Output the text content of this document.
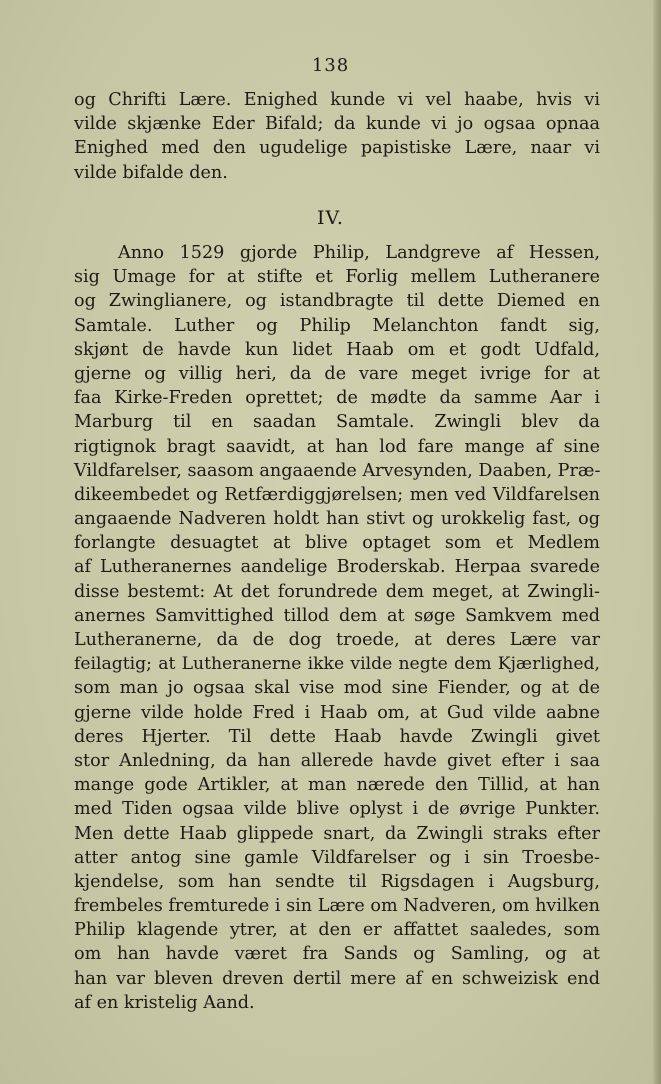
138
og Chrifti Lære. Enighed kunde vi vel haabe, hvis vi
vilde skjænke Eder Bifald; da kunde vi jo ogsaa opnaa
Enighed med den ugudelige papistiske Lære, naar vi
vilde bifalde den.
IV.
Anno 1529 gjorde Philip, Landgreve af Hessen,
sig Umage for at stifte et Forlig mellem Lutheranere
og Zwinglianere, og istandbragte til dette Diemed en
Samtale. Luther og Philip Melanchton fandt sig,
skjønt de havde kun lidet Haab om et godt Udfald,
gjerne og villig heri, da de vare meget ivrige for at
faa Kirke-Freden oprettet; de mødte da samme Aar i
Marburg til en saadan Samtale. Zwingli blev da
rigtignok bragt saavidt, at han lod fare mange af sine
Vildfarelser, saasom angaaende Arvesynden, Daaben, Præ-
dikeembedet og Retfærdiggjørelsen; men ved Vildfarelsen
angaaende Nadveren holdt han stivt og urokkelig fast, og
forlangte desuagtet at blive optaget som et Medlem
af Lutheranernes aandelige Broderskab. Herpaa svarede
disse bestemt: At det forundrede dem meget, at Zwingli-
anernes Samvittighed tillod dem at søge Samkvem med
Lutheranerne, da de dog troede, at deres Lære var
feilagtig; at Lutheranerne ikke vilde negte dem Kjærlighed,
som man jo ogsaa skal vise mod sine Fiender, og at de
gjerne vilde holde Fred i Haab om, at Gud vilde aabne
deres Hjerter. Til dette Haab havde Zwingli givet
stor Anledning, da han allerede havde givet efter i saa
mange gode Artikler, at man nærede den Tillid, at han
med Tiden ogsaa vilde blive oplyst i de øvrige Punkter.
Men dette Haab glippede snart, da Zwingli straks efter
atter antog sine gamle Vildfarelser og i sin Troesbe-
kjendelse, som han sendte til Rigsdagen i Augsburg,
frembeles fremturede i sin Lære om Nadveren, om hvilken
Philip klagende ytrer, at den er affattet saaledes, som
om han havde været fra Sands og Samling, og at
han var bleven dreven dertil mere af en schweizisk end
af en kristelig Aand.
